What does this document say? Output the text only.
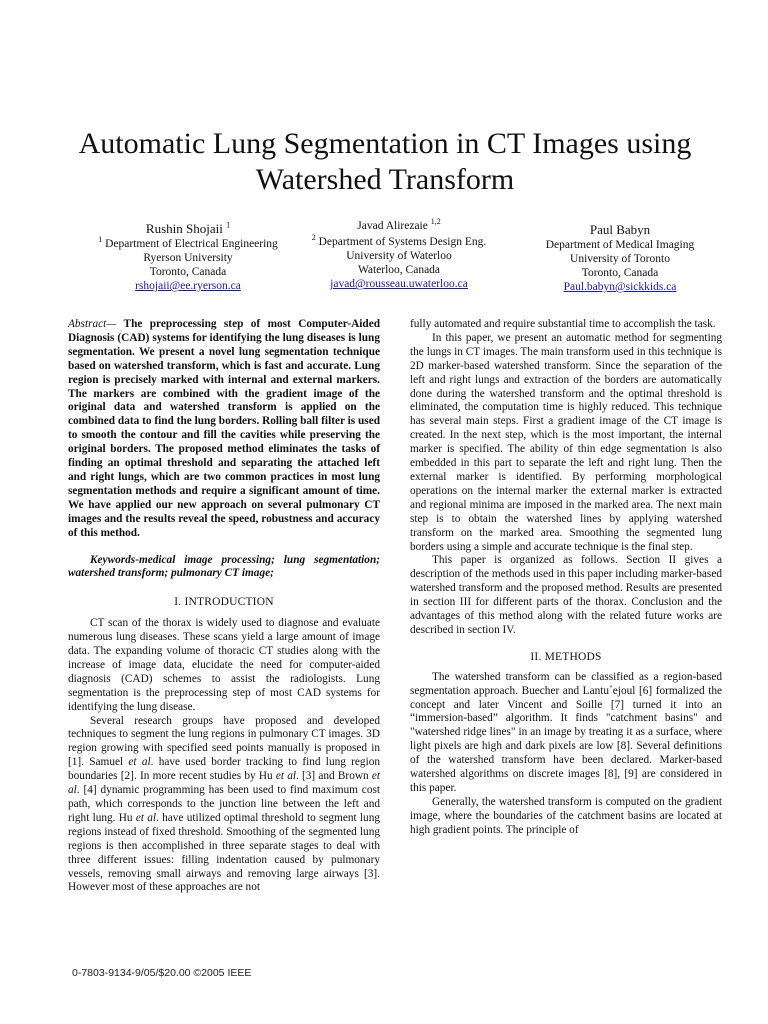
Automatic Lung Segmentation in CT Images using
Watershed Transform
Rushin Shojaii $^1$
$^1$ Department of Electrical Engineering
Ryerson University
Toronto, Canada
rshojaii@ee.ryerson.ca
Javad Alirezaie $^{1,2}$
$^2$ Department of Systems Design Eng.
University of Waterloo
Waterloo, Canada
javad@rousseau.uwaterloo.ca
Paul Babyn
Department of Medical Imaging
University of Toronto
Toronto, Canada
Paul.babyn@sickkids.ca

Abstract— The preprocessing step of most Computer-Aided Diagnosis (CAD) systems for identifying the lung diseases is lung segmentation. We present a novel lung segmentation technique based on watershed transform, which is fast and accurate. Lung region is precisely marked with internal and external markers. The markers are combined with the gradient image of the original data and watershed transform is applied on the combined data to find the lung borders. Rolling ball filter is used to smooth the contour and fill the cavities while preserving the original borders. The proposed method eliminates the tasks of finding an optimal threshold and separating the attached left and right lungs, which are two common practices in most lung segmentation methods and require a significant amount of time. We have applied our new approach on several pulmonary CT images and the results reveal the speed, robustness and accuracy of this method.

Keywords-medical image processing; lung segmentation; watershed transform; pulmonary CT image;

I. INTRODUCTION

CT scan of the thorax is widely used to diagnose and evaluate numerous lung diseases. These scans yield a large amount of image data. The expanding volume of thoracic CT studies along with the increase of image data, elucidate the need for computer-aided diagnosis (CAD) schemes to assist the radiologists. Lung segmentation is the preprocessing step of most CAD systems for identifying the lung disease.

Several research groups have proposed and developed techniques to segment the lung regions in pulmonary CT images. 3D region growing with specified seed points manually is proposed in [1]. Samuel et al. have used border tracking to find lung region boundaries [2]. In more recent studies by Hu et al. [3] and Brown et al. [4] dynamic programming has been used to find maximum cost path, which corresponds to the junction line between the left and right lung. Hu et al. have utilized optimal threshold to segment lung regions instead of fixed threshold. Smoothing of the segmented lung regions is then accomplished in three separate stages to deal with three different issues: filling indentation caused by pulmonary vessels, removing small airways and removing large airways [3]. However most of these approaches are not

fully automated and require substantial time to accomplish the task.

In this paper, we present an automatic method for segmenting the lungs in CT images. The main transform used in this technique is 2D marker-based watershed transform. Since the separation of the left and right lungs and extraction of the borders are automatically done during the watershed transform and the optimal threshold is eliminated, the computation time is highly reduced. This technique has several main steps. First a gradient image of the CT image is created. In the next step, which is the most important, the internal marker is specified. The ability of thin edge segmentation is also embedded in this part to separate the left and right lung. Then the external marker is identified. By performing morphological operations on the internal marker the external marker is extracted and regional minima are imposed in the marked area. The next main step is to obtain the watershed lines by applying watershed transform on the marked area. Smoothing the segmented lung borders using a simple and accurate technique is the final step.

This paper is organized as follows. Section II gives a description of the methods used in this paper including marker-based watershed transform and the proposed method. Results are presented in section III for different parts of the thorax. Conclusion and the advantages of this method along with the related future works are described in section IV.

II. METHODS

The watershed transform can be classified as a region-based segmentation approach. Buecher and Lantu´ejoul [6] formalized the concept and later Vincent and Soille [7] turned it into an “immersion-based” algorithm. It finds "catchment basins" and "watershed ridge lines" in an image by treating it as a surface, where light pixels are high and dark pixels are low [8]. Several definitions of the watershed transform have been declared. Marker-based watershed algorithms on discrete images [8], [9] are considered in this paper.

Generally, the watershed transform is computed on the gradient image, where the boundaries of the catchment basins are located at high gradient points. The principle of

0-7803-9134-9/05/$20.00 ©2005 IEEE
